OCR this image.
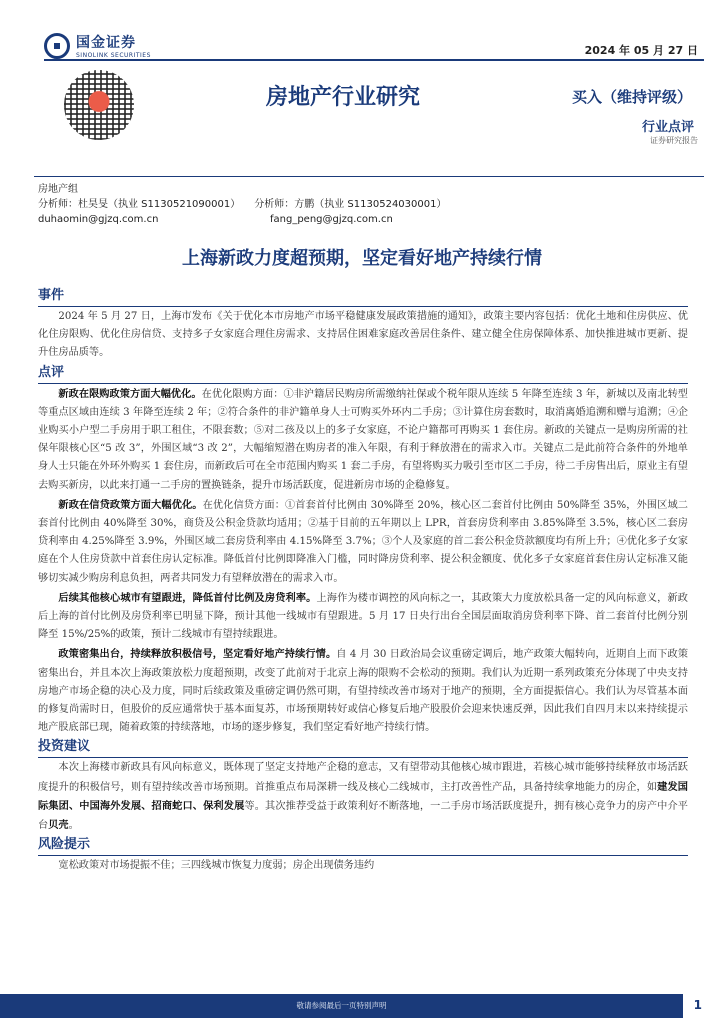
国金证券
SINOLINK SECURITIES	2024 年 05 月 27 日
房地产行业研究	买入（维持评级）
行业点评
证券研究报告
房地产组
分析师：杜昊旻（执业 S1130521090001） 分析师：方鹏（执业 S1130524030001）
duhaomin@gjzq.com.cn	fang_peng@gjzq.com.cn
上海新政力度超预期，坚定看好地产持续行情
事件

2024 年 5 月 27 日，上海市发布《关于优化本市房地产市场平稳健康发展政策措施的通知》，政策主要内容包括：优化土地和住房供应、优化住房限购、优化住房信贷、支持多子女家庭合理住房需求、支持居住困难家庭改善居住条件、建立健全住房保障体系、加快推进城市更新、提升住房品质等。

点评

新政在限购政策方面大幅优化。在优化限购方面：①非沪籍居民购房所需缴纳社保或个税年限从连续 5 年降至连续 3 年，新城以及南北转型等重点区域由连续 3 年降至连续 2 年；②符合条件的非沪籍单身人士可购买外环内二手房；③计算住房套数时，取消离婚追溯和赠与追溯；④企业购买小户型二手房用于职工租住，不限套数；⑤对二孩及以上的多子女家庭，不论户籍都可再购买 1 套住房。新政的关键点一是购房所需的社保年限核心区“5 改 3”，外围区域“3 改 2”，大幅缩短潜在购房者的准入年限，有利于释放潜在的需求入市。关键点二是此前符合条件的外地单身人士只能在外环外购买 1 套住房，而新政后可在全市范围内购买 1 套二手房，有望将购买力吸引至市区二手房，待二手房售出后，原业主有望去购买新房，以此来打通一二手房的置换链条，提升市场活跃度，促进新房市场的企稳修复。

新政在信贷政策方面大幅优化。在优化信贷方面：①首套首付比例由 30%降至 20%，核心区二套首付比例由 50%降至 35%，外围区域二套首付比例由 40%降至 30%，商贷及公积金贷款均适用；②基于目前的五年期以上 LPR，首套房贷利率由 3.85%降至 3.5%，核心区二套房贷利率由 4.25%降至 3.9%，外围区域二套房贷利率由 4.15%降至 3.7%；③个人及家庭的首二套公积金贷款额度均有所上升；④优化多子女家庭在个人住房贷款中首套住房认定标准。降低首付比例即降准入门槛，同时降房贷利率、提公积金额度、优化多子女家庭首套住房认定标准又能够切实减少购房利息负担，两者共同发力有望释放潜在的需求入市。

后续其他核心城市有望跟进，降低首付比例及房贷利率。上海作为楼市调控的风向标之一，其政策大力度放松具备一定的风向标意义，新政后上海的首付比例及房贷利率已明显下降，预计其他一线城市有望跟进。5 月 17 日央行出台全国层面取消房贷利率下降、首二套首付比例分别降至 15%/25%的政策，预计二线城市有望持续跟进。

政策密集出台，持续释放积极信号，坚定看好地产持续行情。自 4 月 30 日政治局会议重磅定调后，地产政策大幅转向，近期自上而下政策密集出台，并且本次上海政策放松力度超预期，改变了此前对于北京上海的限购不会松动的预期。我们认为近期一系列政策充分体现了中央支持房地产市场企稳的决心及力度，同时后续政策及重磅定调仍然可期，有望持续改善市场对于地产的预期，全方面提振信心。我们认为尽管基本面的修复尚需时日，但股价的反应通常快于基本面复苏，市场预期转好或信心修复后地产股股价会迎来快速反弹，因此我们自四月末以来持续提示地产股底部已现，随着政策的持续落地，市场的逐步修复，我们坚定看好地产持续行情。

投资建议

本次上海楼市新政具有风向标意义，既体现了坚定支持地产企稳的意志，又有望带动其他核心城市跟进，若核心城市能够持续释放市场活跃度提升的积极信号，则有望持续改善市场预期。首推重点布局深耕一线及核心二线城市，主打改善性产品，具备持续拿地能力的房企，如建发国际集团、中国海外发展、招商蛇口、保利发展等。其次推荐受益于政策利好不断落地，一二手房市场活跃度提升，拥有核心竞争力的房产中介平台贝壳。

风险提示

宽松政策对市场提振不佳；三四线城市恢复力度弱；房企出现债务违约

敬请参阅最后一页特别声明	1
